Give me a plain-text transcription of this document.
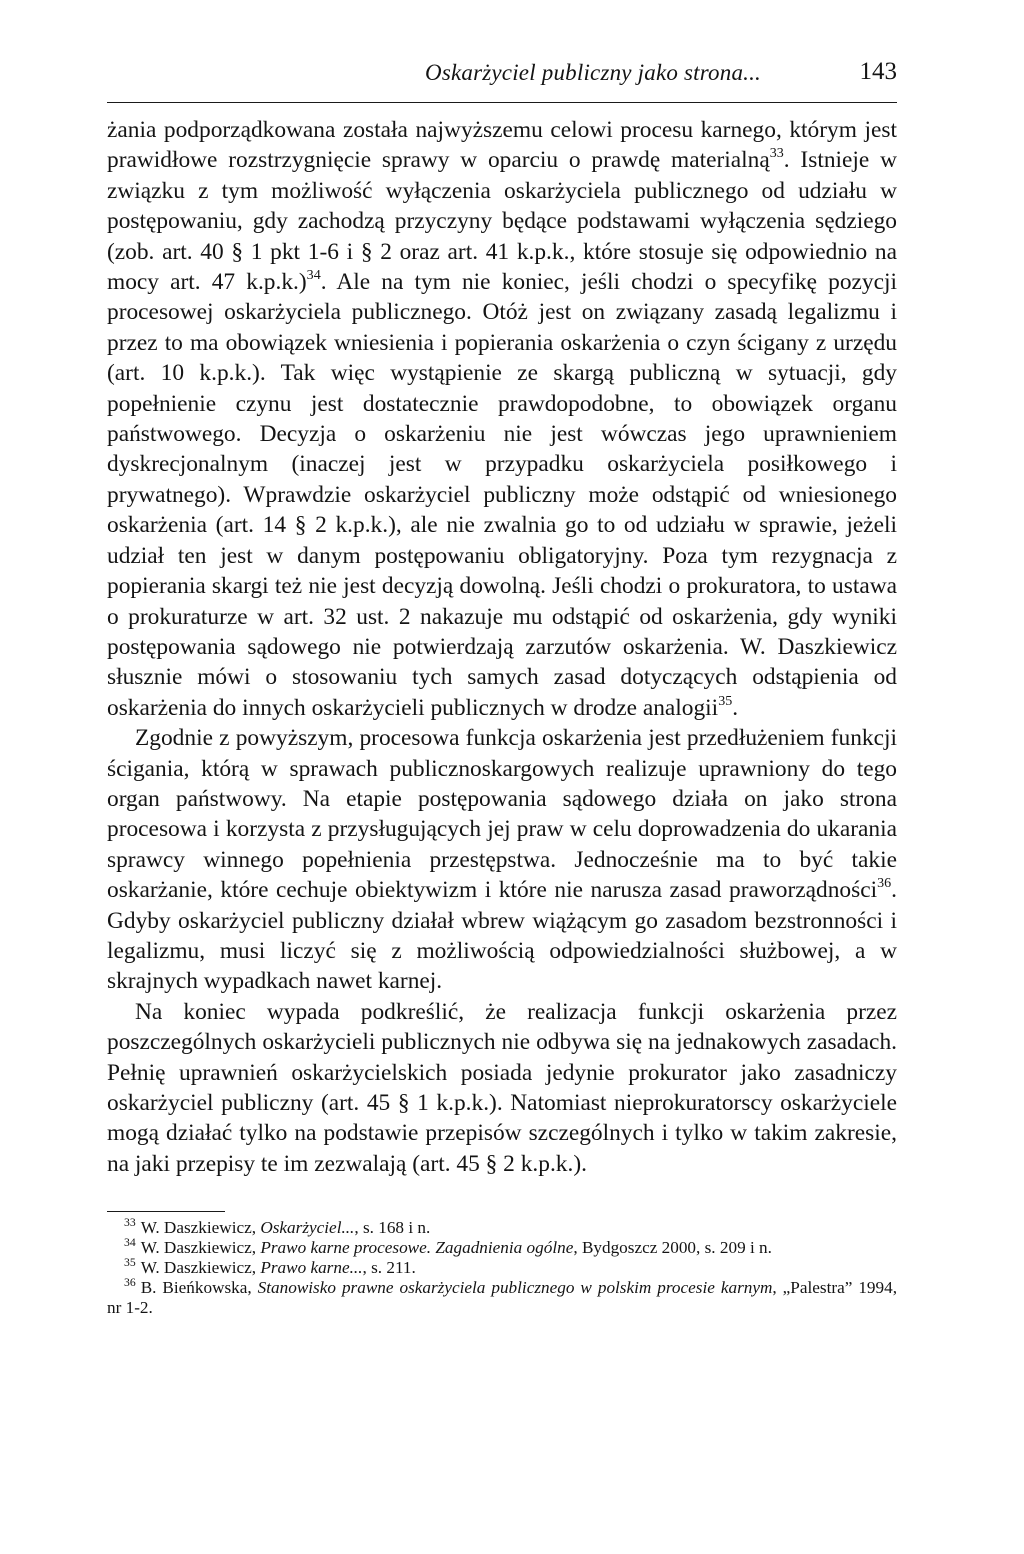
Oskarżyciel publiczny jako strona...	143

żania podporządkowana została najwyższemu celowi procesu karnego, którym jest prawidłowe rozstrzygnięcie sprawy w oparciu o prawdę materialną$^{33}$. Istnieje w związku z tym możliwość wyłączenia oskarżyciela publicznego od udziału w postępowaniu, gdy zachodzą przyczyny będące podstawami wyłączenia sędziego (zob. art. 40 § 1 pkt 1-6 i § 2 oraz art. 41 k.p.k., które stosuje się odpowiednio na mocy art. 47 k.p.k.)$^{34}$. Ale na tym nie koniec, jeśli chodzi o specyfikę pozycji procesowej oskarżyciela publicznego. Otóż jest on związany zasadą legalizmu i przez to ma obowiązek wniesienia i popierania oskarżenia o czyn ścigany z urzędu (art. 10 k.p.k.). Tak więc wystąpienie ze skargą publiczną w sytuacji, gdy popełnienie czynu jest dostatecznie prawdopodobne, to obowiązek organu państwowego. Decyzja o oskarżeniu nie jest wówczas jego uprawnieniem dyskrecjonalnym (inaczej jest w przypadku oskarżyciela posiłkowego i prywatnego). Wprawdzie oskarżyciel publiczny może odstąpić od wniesionego oskarżenia (art. 14 § 2 k.p.k.), ale nie zwalnia go to od udziału w sprawie, jeżeli udział ten jest w danym postępowaniu obligatoryjny. Poza tym rezygnacja z popierania skargi też nie jest decyzją dowolną. Jeśli chodzi o prokuratora, to ustawa o prokuraturze w art. 32 ust. 2 nakazuje mu odstąpić od oskarżenia, gdy wyniki postępowania sądowego nie potwierdzają zarzutów oskarżenia. W. Daszkiewicz słusznie mówi o stosowaniu tych samych zasad dotyczących odstąpienia od oskarżenia do innych oskarżycieli publicznych w drodze analogii$^{35}$.

Zgodnie z powyższym, procesowa funkcja oskarżenia jest przedłużeniem funkcji ścigania, którą w sprawach publicznoskargowych realizuje uprawniony do tego organ państwowy. Na etapie postępowania sądowego działa on jako strona procesowa i korzysta z przysługujących jej praw w celu doprowadzenia do ukarania sprawcy winnego popełnienia przestępstwa. Jednocześnie ma to być takie oskarżanie, które cechuje obiektywizm i które nie narusza zasad praworządności$^{36}$. Gdyby oskarżyciel publiczny działał wbrew wiążącym go zasadom bezstronności i legalizmu, musi liczyć się z możliwością odpowiedzialności służbowej, a w skrajnych wypadkach nawet karnej.

Na koniec wypada podkreślić, że realizacja funkcji oskarżenia przez poszczególnych oskarżycieli publicznych nie odbywa się na jednakowych zasadach. Pełnię uprawnień oskarżycielskich posiada jedynie prokurator jako zasadniczy oskarżyciel publiczny (art. 45 § 1 k.p.k.). Natomiast nieprokuratorscy oskarżyciele mogą działać tylko na podstawie przepisów szczególnych i tylko w takim zakresie, na jaki przepisy te im zezwalają (art. 45 § 2 k.p.k.).

$^{33}$ W. Daszkiewicz, Oskarżyciel..., s. 168 i n.

$^{34}$ W. Daszkiewicz, Prawo karne procesowe. Zagadnienia ogólne, Bydgoszcz 2000, s. 209 i n.

$^{35}$ W. Daszkiewicz, Prawo karne..., s. 211.

$^{36}$ B. Bieńkowska, Stanowisko prawne oskarżyciela publicznego w polskim procesie karnym, „Palestra” 1994, nr 1-2.
